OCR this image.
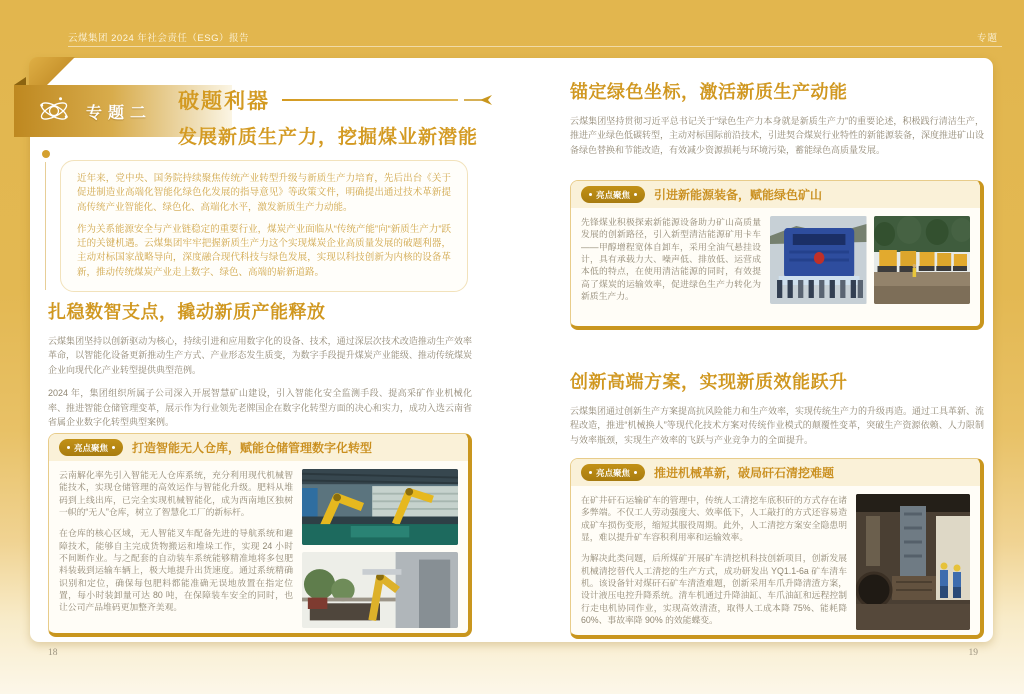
云煤集团 2024 年社会责任（ESG）报告	专题
专题二 破题利器
发展新质生产力，挖掘煤业新潜能

近年来，党中央、国务院持续聚焦传统产业转型升级与新质生产力培育，先后出台《关于促进制造业高端化智能化绿色化发展的指导意见》等政策文件，明确提出通过技术革新提高传统产业智能化、绿色化、高端化水平，激发新质生产力动能。

作为关系能源安全与产业链稳定的重要行业，煤炭产业面临从“传统产能”向“新质生产力”跃迁的关键机遇。云煤集团牢牢把握新质生产力这个实现煤炭企业高质量发展的破题利器，主动对标国家战略导向，深度融合现代科技与绿色发展，实现以科技创新为内核的设备革新，推动传统煤炭产业走上数字、绿色、高端的崭新道路。

扎稳数智支点，撬动新质产能释放

云煤集团坚持以创新驱动为核心，持续引进和应用数字化的设备、技术，通过深层次技术改造推动生产效率革命，以智能化设备更新推动生产方式、产业形态发生质变，为数字手段提升煤炭产业能级、推动传统煤炭企业向现代化产业转型提供典型范例。

2024 年，集团组织所属子公司深入开展智慧矿山建设，引入智能化安全监测手段、提高采矿作业机械化率、推进智能仓储管理变革，展示作为行业领先老牌国企在数字化转型方面的决心和实力，成功入选云南省省属企业数字化转型典型案例。

亮点聚焦 打造智能无人仓库，赋能仓储管理数字化转型

云南解化率先引入智能无人仓库系统，充分利用现代机械智能技术，实现仓储管理的高效运作与智能化升级。肥料从堆码到上线出库，已完全实现机械智能化，成为西南地区独树一帜的“无人”仓库，树立了智慧化工厂的新标杆。

在仓库的核心区域，无人智能叉车配备先进的导航系统和避障技术，能够自主完成货物搬运和堆垛工作，实现 24 小时不间断作业。与之配套的自动装车系统能够精准地将多包肥料装载到运输车辆上，极大地提升出货速度。通过系统精确识别和定位，确保每包肥料都能准确无误地放置在指定位置，每小时装卸量可达 80 吨，在保障装车安全的同时，也让公司产品堆码更加整齐美观。

锚定绿色坐标，激活新质生产动能

云煤集团坚持贯彻习近平总书记关于“绿色生产力本身就是新质生产力”的重要论述，积极践行清洁生产，推进产业绿色低碳转型，主动对标国际前沿技术，引进契合煤炭行业特性的新能源装备，深度推进矿山设备绿色替换和节能改造，有效减少资源损耗与环境污染，蓄能绿色高质量发展。

亮点聚焦 引进新能源装备，赋能绿色矿山

先锋煤业积极探索新能源设备助力矿山高质量发展的创新路径，引入新型清洁能源矿用卡车——甲醇增程宽体自卸车，采用全油气悬挂设计，具有承载力大、噪声低、排放低、运营成本低的特点，在使用清洁能源的同时，有效提高了煤炭的运输效率，促进绿色生产力转化为新质生产力。

创新高端方案，实现新质效能跃升

云煤集团通过创新生产方案提高抗风险能力和生产效率，实现传统生产力的升级再造。通过工具革新、流程改造，推进“机械换人”等现代化技术方案对传统作业模式的颠覆性变革，突破生产资源依赖、人力限制与效率瓶颈，实现生产效率的飞跃与产业竞争力的全面提升。

亮点聚焦 推进机械革新，破局矸石清挖难题

在矿井矸石运输矿车的管理中，传统人工清挖车底积矸的方式存在诸多弊端。不仅工人劳动强度大、效率低下，人工敲打的方式还容易造成矿车损伤变形，缩短其服役周期。此外，人工清挖方案安全隐患明显，难以提升矿车容积利用率和运输效率。

为解决此类问题，后所煤矿开展矿车清挖机科技创新项目，创新发展机械清挖替代人工清挖的生产方式，成功研发出 YQ1.1-6a 矿车清车机。该设备针对煤矸石矿车清渣难题，创新采用车爪升降清渣方案，设计液压电控升降系统。清车机通过升降油缸、车爪油缸和远程控制行走电机协同作业，实现高效清渣，取得人工成本降 75%、能耗降 60%、事故率降 90% 的效能蝶变。

18	19
